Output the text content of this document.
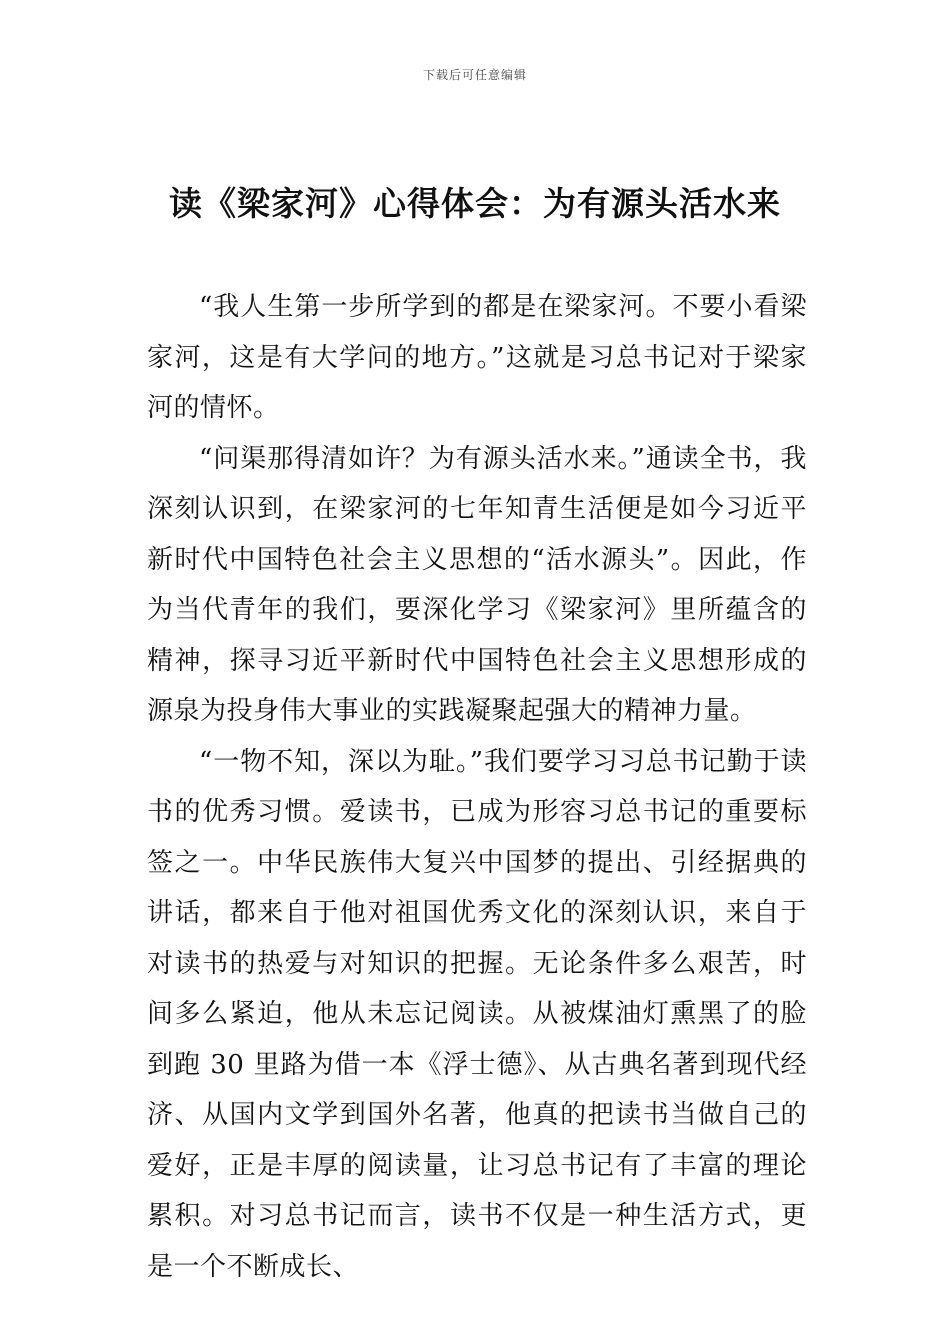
下载后可任意编辑
读《梁家河》心得体会：为有源头活水来

“我人生第一步所学到的都是在梁家河。不要小看梁家河，这是有大学问的地方。”这就是习总书记对于梁家河的情怀。

“问渠那得清如许？为有源头活水来。”通读全书，我深刻认识到，在梁家河的七年知青生活便是如今习近平新时代中国特色社会主义思想的“活水源头”。因此，作为当代青年的我们，要深化学习《梁家河》里所蕴含的精神，探寻习近平新时代中国特色社会主义思想形成的源泉为投身伟大事业的实践凝聚起强大的精神力量。

“一物不知，深以为耻。”我们要学习习总书记勤于读书的优秀习惯。爱读书，已成为形容习总书记的重要标签之一。中华民族伟大复兴中国梦的提出、引经据典的讲话，都来自于他对祖国优秀文化的深刻认识，来自于对读书的热爱与对知识的把握。无论条件多么艰苦，时间多么紧迫，他从未忘记阅读。从被煤油灯熏黑了的脸到跑 30 里路为借一本《浮士德》、从古典名著到现代经济、从国内文学到国外名著，他真的把读书当做自己的爱好，正是丰厚的阅读量，让习总书记有了丰富的理论累积。对习总书记而言，读书不仅是一种生活方式，更是一个不断成长、
